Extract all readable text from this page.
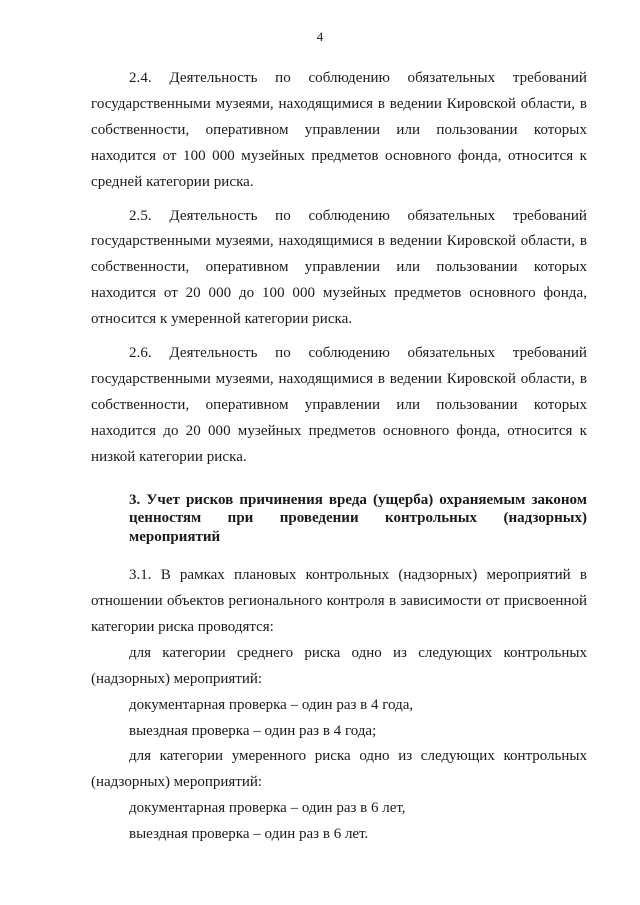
4

2.4. Деятельность по соблюдению обязательных требований государственными музеями, находящимися в ведении Кировской области, в собственности, оперативном управлении или пользовании которых находится от 100 000 музейных предметов основного фонда, относится к средней категории риска.

2.5. Деятельность по соблюдению обязательных требований государственными музеями, находящимися в ведении Кировской области, в собственности, оперативном управлении или пользовании которых находится от 20 000 до 100 000 музейных предметов основного фонда, относится к умеренной категории риска.

2.6. Деятельность по соблюдению обязательных требований государственными музеями, находящимися в ведении Кировской области, в собственности, оперативном управлении или пользовании которых находится до 20 000 музейных предметов основного фонда, относится к низкой категории риска.

3. Учет рисков причинения вреда (ущерба) охраняемым законом ценностям при проведении контрольных (надзорных) мероприятий

3.1. В рамках плановых контрольных (надзорных) мероприятий в отношении объектов регионального контроля в зависимости от присвоенной категории риска проводятся:

для категории среднего риска одно из следующих контрольных (надзорных) мероприятий:

документарная проверка – один раз в 4 года,

выездная проверка – один раз в 4 года;

для категории умеренного риска одно из следующих контрольных (надзорных) мероприятий:

документарная проверка – один раз в 6 лет,

выездная проверка – один раз в 6 лет.
